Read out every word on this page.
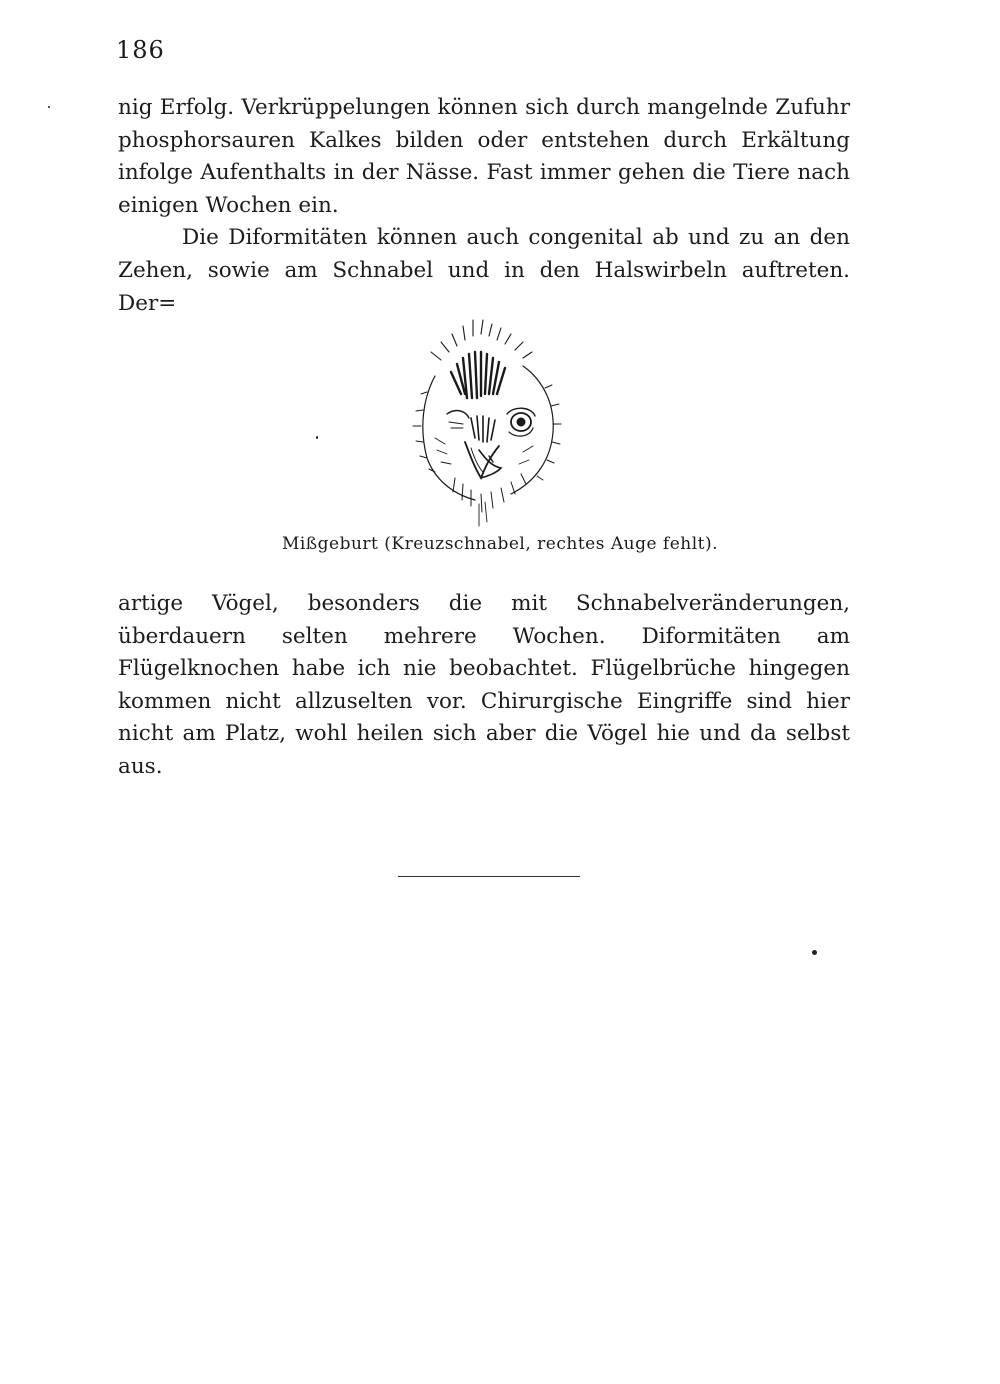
186

nig Erfolg. Verkrüppelungen können sich durch mangelnde Zufuhr phosphorsauren Kalkes bilden oder entstehen durch Erkältung infolge Aufenthalts in der Nässe. Fast immer gehen die Tiere nach einigen Wochen ein.

Die Diformitäten können auch congenital ab und zu an den Zehen, sowie am Schnabel und in den Halswirbeln auftreten. Der=

Mißgeburt (Kreuzschnabel, rechtes Auge fehlt).

artige Vögel, besonders die mit Schnabelveränderungen, überdauern selten mehrere Wochen. Diformitäten am Flügelknochen habe ich nie beobachtet. Flügelbrüche hingegen kommen nicht allzuselten vor. Chirurgische Eingriffe sind hier nicht am Platz, wohl heilen sich aber die Vögel hie und da selbst aus.
